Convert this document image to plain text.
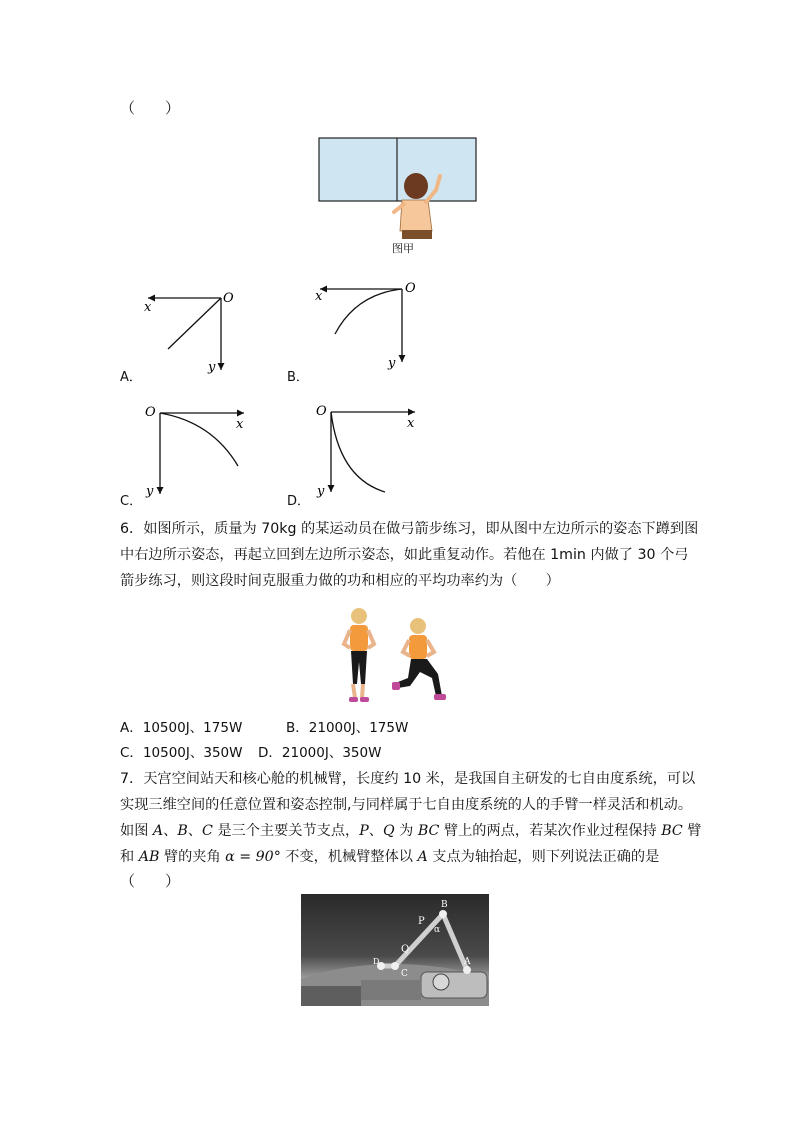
（　　）
图甲
O
x
y
A．
O
x
y
B．
O
x
y
C．
O
x
y
D．
6．如图所示，质量为 70kg 的某运动员在做弓箭步练习，即从图中左边所示的姿态下蹲到图
中右边所示姿态，再起立回到左边所示姿态，如此重复动作。若他在 1min 内做了 30 个弓
箭步练习，则这段时间克服重力做的功和相应的平均功率约为（　　）
A．10500J、175W	B．21000J、175W
C．10500J、350W D．21000J、350W
7．天宫空间站天和核心舱的机械臂，长度约 10 米，是我国自主研发的七自由度系统，可以
实现三维空间的任意位置和姿态控制,与同样属于七自由度系统的人的手臂一样灵活和机动。
如图 A、B、C 是三个主要关节支点，P、Q 为 BC 臂上的两点，若某次作业过程保持 BC 臂
和 AB 臂的夹角 α = 90° 不变，机械臂整体以 A 支点为轴抬起，则下列说法正确的是
（　　）
B
P
α
Q
D
C
A
